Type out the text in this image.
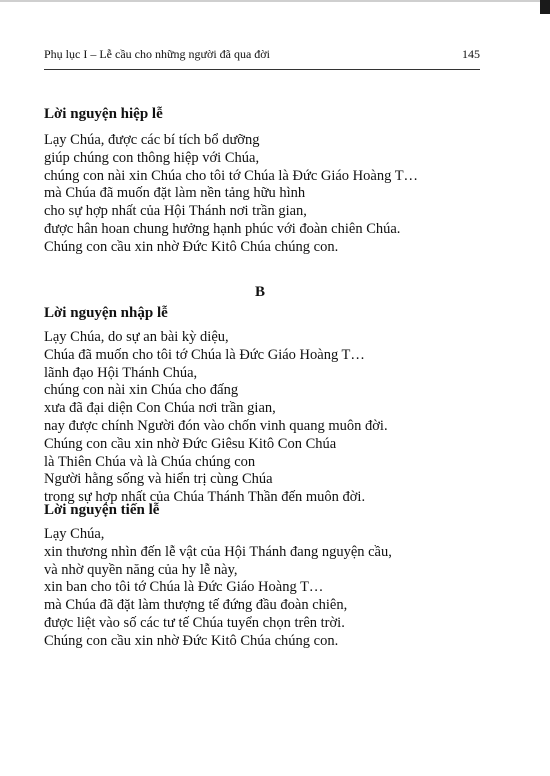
Phụ lục I – Lễ cầu cho những người đã qua đời	145
Lời nguyện hiệp lễ
Lạy Chúa, được các bí tích bổ dưỡng
giúp chúng con thông hiệp với Chúa,
chúng con nài xin Chúa cho tôi tớ Chúa là Đức Giáo Hoàng T…
mà Chúa đã muốn đặt làm nền tảng hữu hình
cho sự hợp nhất của Hội Thánh nơi trần gian,
được hân hoan chung hưởng hạnh phúc với đoàn chiên Chúa.
Chúng con cầu xin nhờ Đức Kitô Chúa chúng con.
B
Lời nguyện nhập lễ
Lạy Chúa, do sự an bài kỳ diệu,
Chúa đã muốn cho tôi tớ Chúa là Đức Giáo Hoàng T…
lãnh đạo Hội Thánh Chúa,
chúng con nài xin Chúa cho đấng
xưa đã đại diện Con Chúa nơi trần gian,
nay được chính Người đón vào chốn vinh quang muôn đời.
Chúng con cầu xin nhờ Đức Giêsu Kitô Con Chúa
là Thiên Chúa và là Chúa chúng con
Người hằng sống và hiển trị cùng Chúa
trong sự hợp nhất của Chúa Thánh Thần đến muôn đời.
Lời nguyện tiến lễ
Lạy Chúa,
xin thương nhìn đến lễ vật của Hội Thánh đang nguyện cầu,
và nhờ quyền năng của hy lễ này,
xin ban cho tôi tớ Chúa là Đức Giáo Hoàng T…
mà Chúa đã đặt làm thượng tế đứng đầu đoàn chiên,
được liệt vào số các tư tế Chúa tuyển chọn trên trời.
Chúng con cầu xin nhờ Đức Kitô Chúa chúng con.
